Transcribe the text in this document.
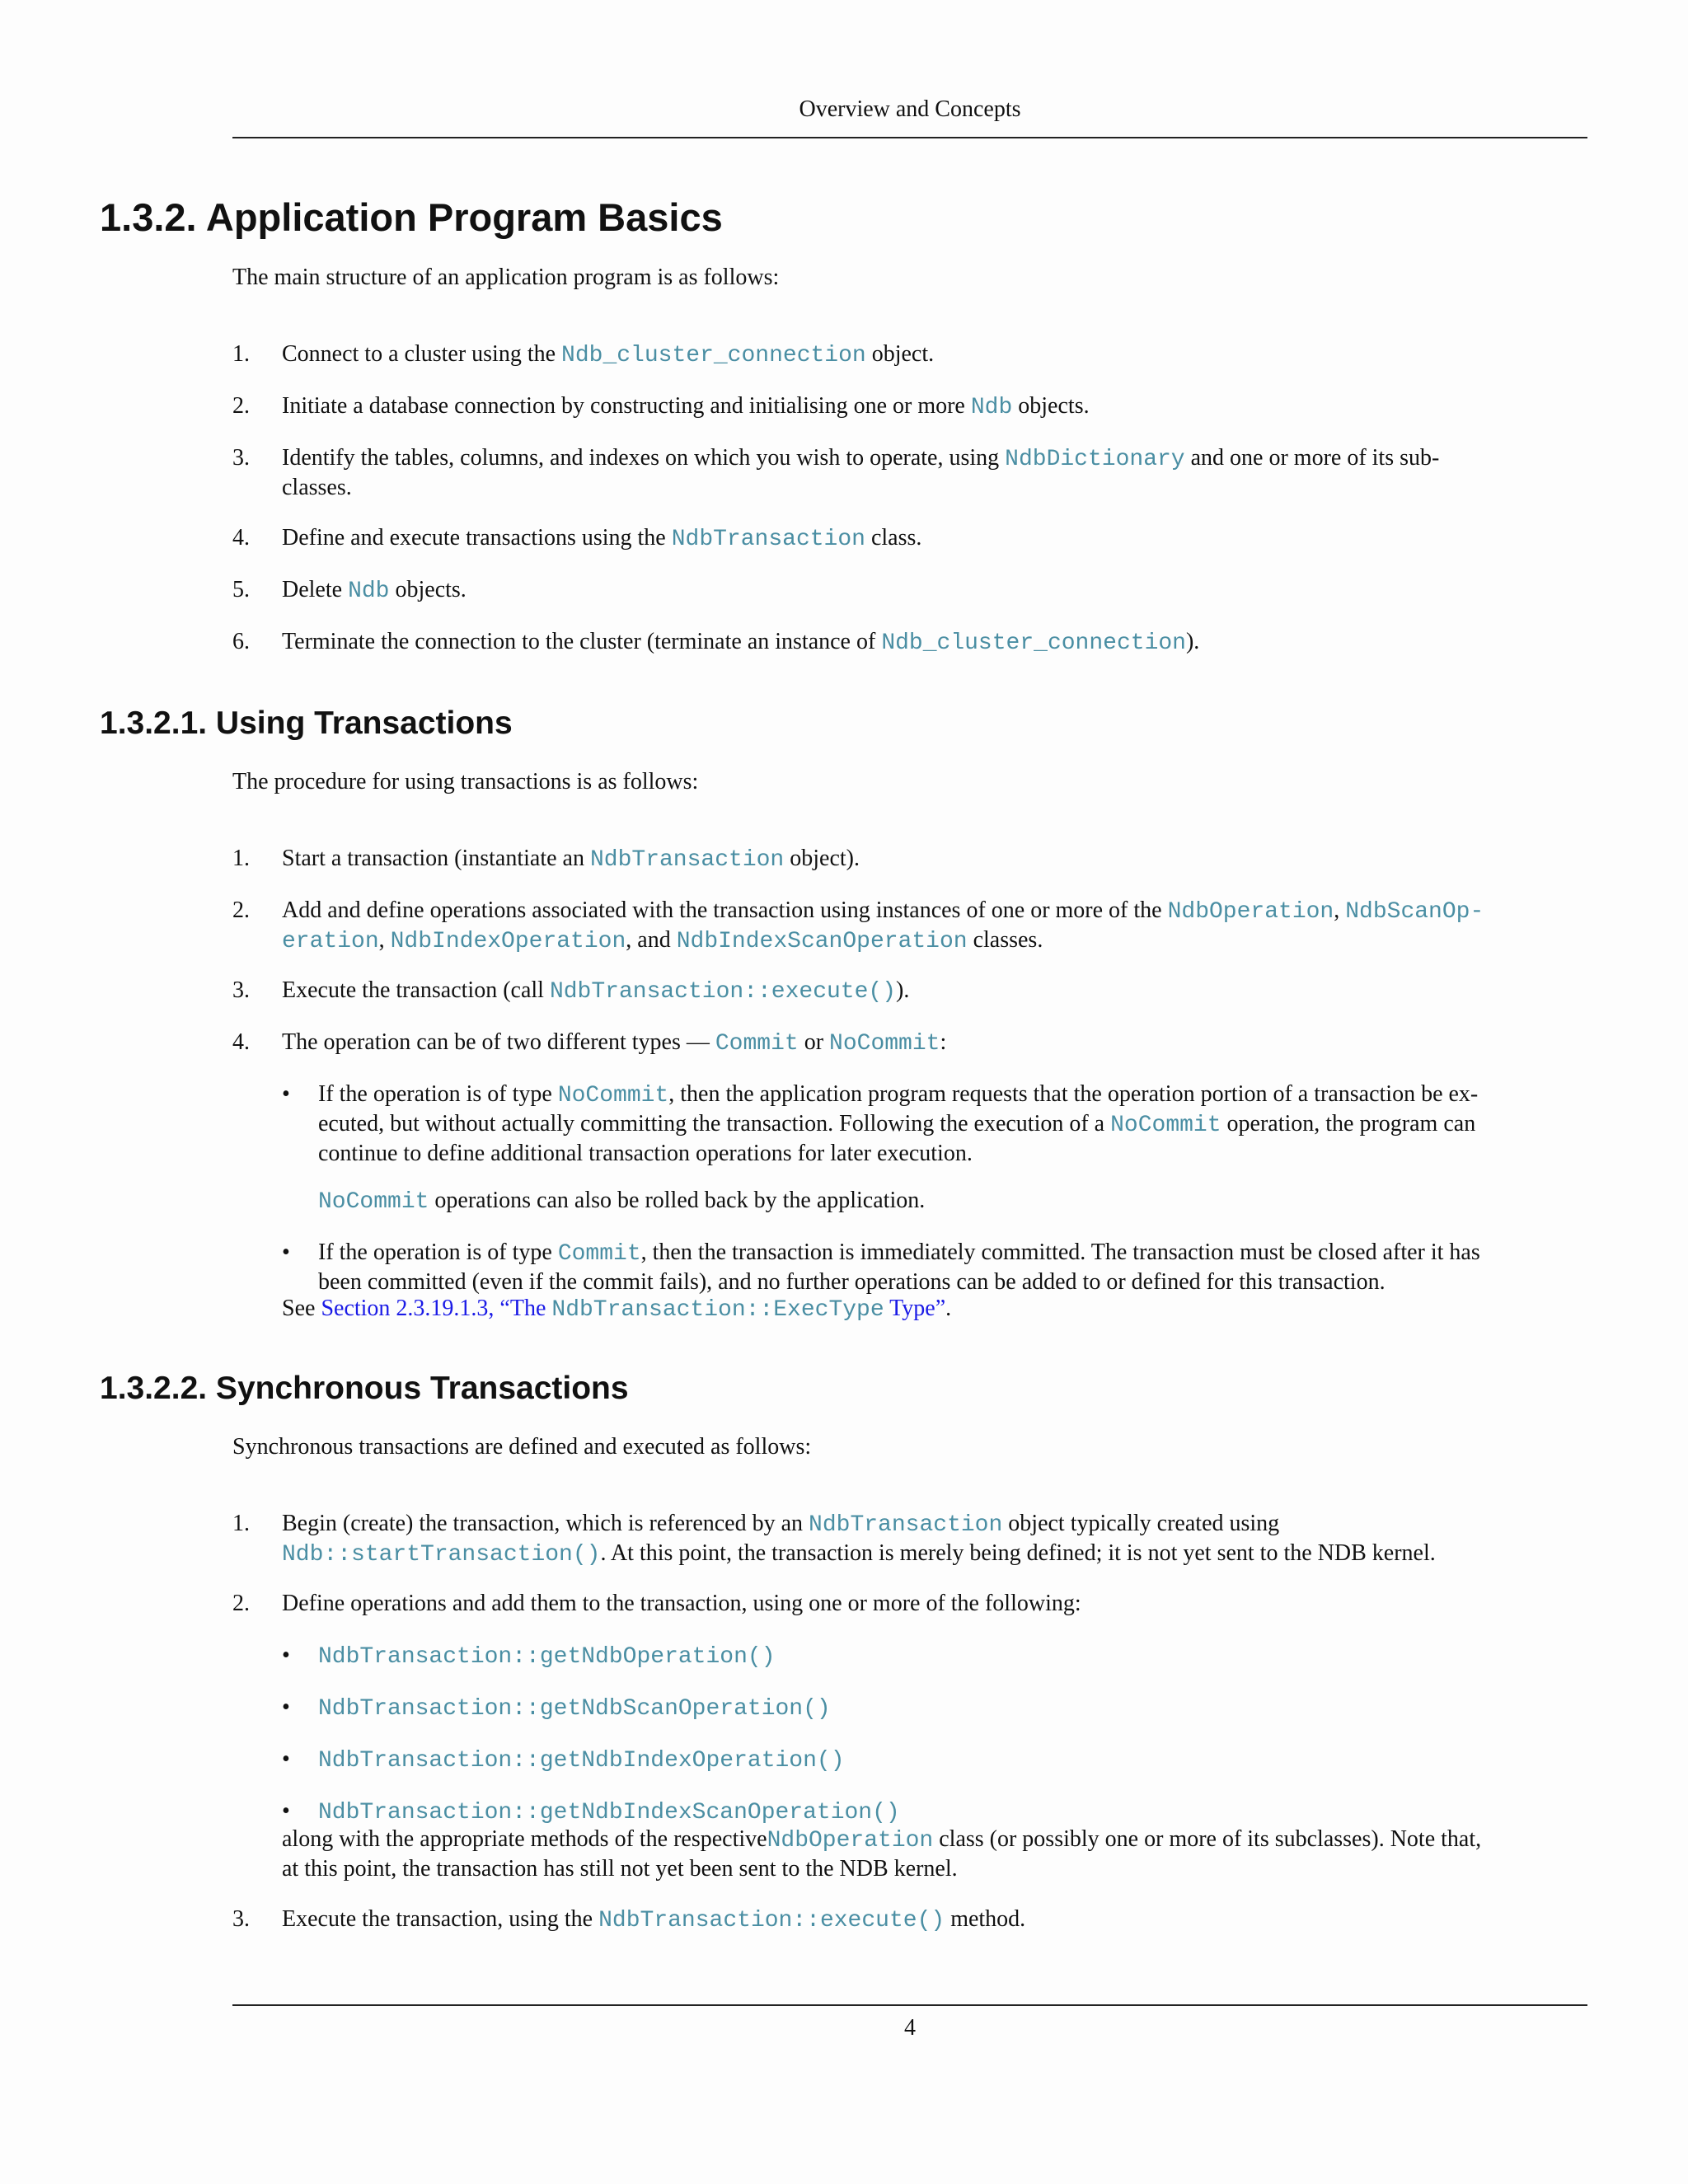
Overview and Concepts
1.3.2. Application Program Basics

The main structure of an application program is as follows:

1. Connect to a cluster using the Ndb_cluster_connection object.
2. Initiate a database connection by constructing and initialising one or more Ndb objects.
3. Identify the tables, columns, and indexes on which you wish to operate, using NdbDictionary and one or more of its sub-
classes.
4. Define and execute transactions using the NdbTransaction class.
5. Delete Ndb objects.
6. Terminate the connection to the cluster (terminate an instance of Ndb_cluster_connection).
1.3.2.1. Using Transactions

The procedure for using transactions is as follows:

1. Start a transaction (instantiate an NdbTransaction object).
2. Add and define operations associated with the transaction using instances of one or more of the NdbOperation, NdbScanOp-
eration, NdbIndexOperation, and NdbIndexScanOperation classes.
3. Execute the transaction (call NdbTransaction::execute()).
4. The operation can be of two different types — Commit or NoCommit:
• If the operation is of type NoCommit, then the application program requests that the operation portion of a transaction be ex-
ecuted, but without actually committing the transaction. Following the execution of a NoCommit operation, the program can
continue to define additional transaction operations for later execution.
NoCommit operations can also be rolled back by the application.
• If the operation is of type Commit, then the transaction is immediately committed. The transaction must be closed after it has
been committed (even if the commit fails), and no further operations can be added to or defined for this transaction.

See Section 2.3.19.1.3, “The NdbTransaction::ExecType Type”.

1.3.2.2. Synchronous Transactions

Synchronous transactions are defined and executed as follows:

1. Begin (create) the transaction, which is referenced by an NdbTransaction object typically created using
Ndb::startTransaction(). At this point, the transaction is merely being defined; it is not yet sent to the NDB kernel.
2. Define operations and add them to the transaction, using one or more of the following:
• NdbTransaction::getNdbOperation()
• NdbTransaction::getNdbScanOperation()
• NdbTransaction::getNdbIndexOperation()
• NdbTransaction::getNdbIndexScanOperation()

along with the appropriate methods of the respectiveNdbOperation class (or possibly one or more of its subclasses). Note that,
at this point, the transaction has still not yet been sent to the NDB kernel.

3. Execute the transaction, using the NdbTransaction::execute() method.
4
